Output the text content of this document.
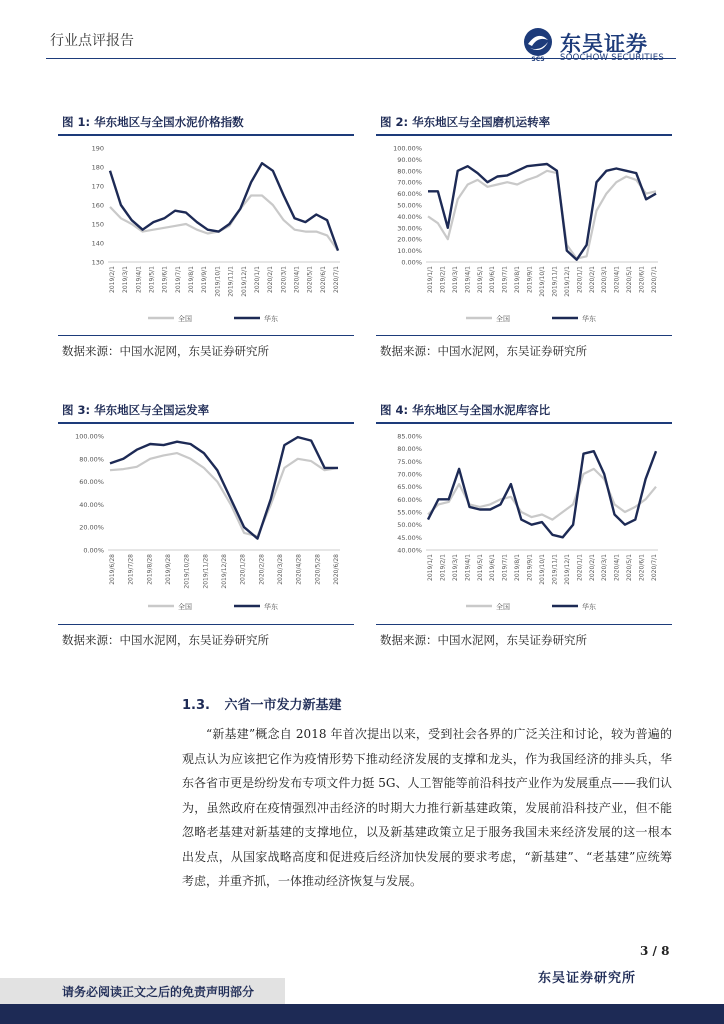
行业点评报告
SCS
东吴证券
SOOCHOW SECURITIES
图 1: 华东地区与全国水泥价格指数
190
180
170
160
150
140
130
2019/2/1 2019/3/1 2019/4/1 2019/5/1 2019/6/1 2019/7/1 2019/8/1 2019/9/1 2019/10/1 2019/11/1 2019/12/1 2020/1/1 2020/2/1 2020/3/1 2020/4/1 2020/5/1 2020/6/1 2020/7/1
全国	华东
数据来源：中国水泥网，东吴证券研究所
图 2: 华东地区与全国磨机运转率
100.00%
90.00%
80.00%
70.00%
60.00%
50.00%
40.00%
30.00%
20.00%
10.00%
0.00%
2019/1/1 2019/2/1 2019/3/1 2019/4/1 2019/5/1 2019/6/1 2019/7/1 2019/8/1 2019/9/1 2019/10/1 2019/11/1 2019/12/1 2020/1/1 2020/2/1 2020/3/1 2020/4/1 2020/5/1 2020/6/1 2020/7/1
全国	华东
数据来源：中国水泥网，东吴证券研究所
图 3: 华东地区与全国运发率
100.00%
80.00%
60.00%
40.00%
20.00%
0.00%
2019/6/28 2019/7/28 2019/8/28 2019/9/28 2019/10/28 2019/11/28 2019/12/28 2020/1/28 2020/2/28 2020/3/28 2020/4/28 2020/5/28 2020/6/28
全国	华东
数据来源：中国水泥网，东吴证券研究所
图 4: 华东地区与全国水泥库容比
85.00%
80.00%
75.00%
70.00%
65.00%
60.00%
55.00%
50.00%
45.00%
40.00%
2019/1/1 2019/2/1 2019/3/1 2019/4/1 2019/5/1 2019/6/1 2019/7/1 2019/8/1 2019/9/1 2019/10/1 2019/11/1 2019/12/1 2020/1/1 2020/2/1 2020/3/1 2020/4/1 2020/5/1 2020/6/1 2020/7/1
全国	华东
数据来源：中国水泥网，东吴证券研究所
1.3. 六省一市发力新基建
“新基建”概念自 2018 年首次提出以来，受到社会各界的广泛关注和讨论，较为普遍的观点认为应该把它作为疫情形势下推动经济发展的支撑和龙头，作为我国经济的排头兵，华东各省市更是纷纷发布专项文件力挺 5G、人工智能等前沿科技产业作为发展重点——我们认为，虽然政府在疫情强烈冲击经济的时期大力推行新基建政策，发展前沿科技产业，但不能忽略老基建对新基建的支撑地位，以及新基建政策立足于服务我国未来经济发展的这一根本出发点，从国家战略高度和促进疫后经济加快发展的要求考虑，“新基建”、“老基建”应统筹考虑，并重齐抓，一体推动经济恢复与发展。
3 / 8
东吴证券研究所
请务必阅读正文之后的免责声明部分
